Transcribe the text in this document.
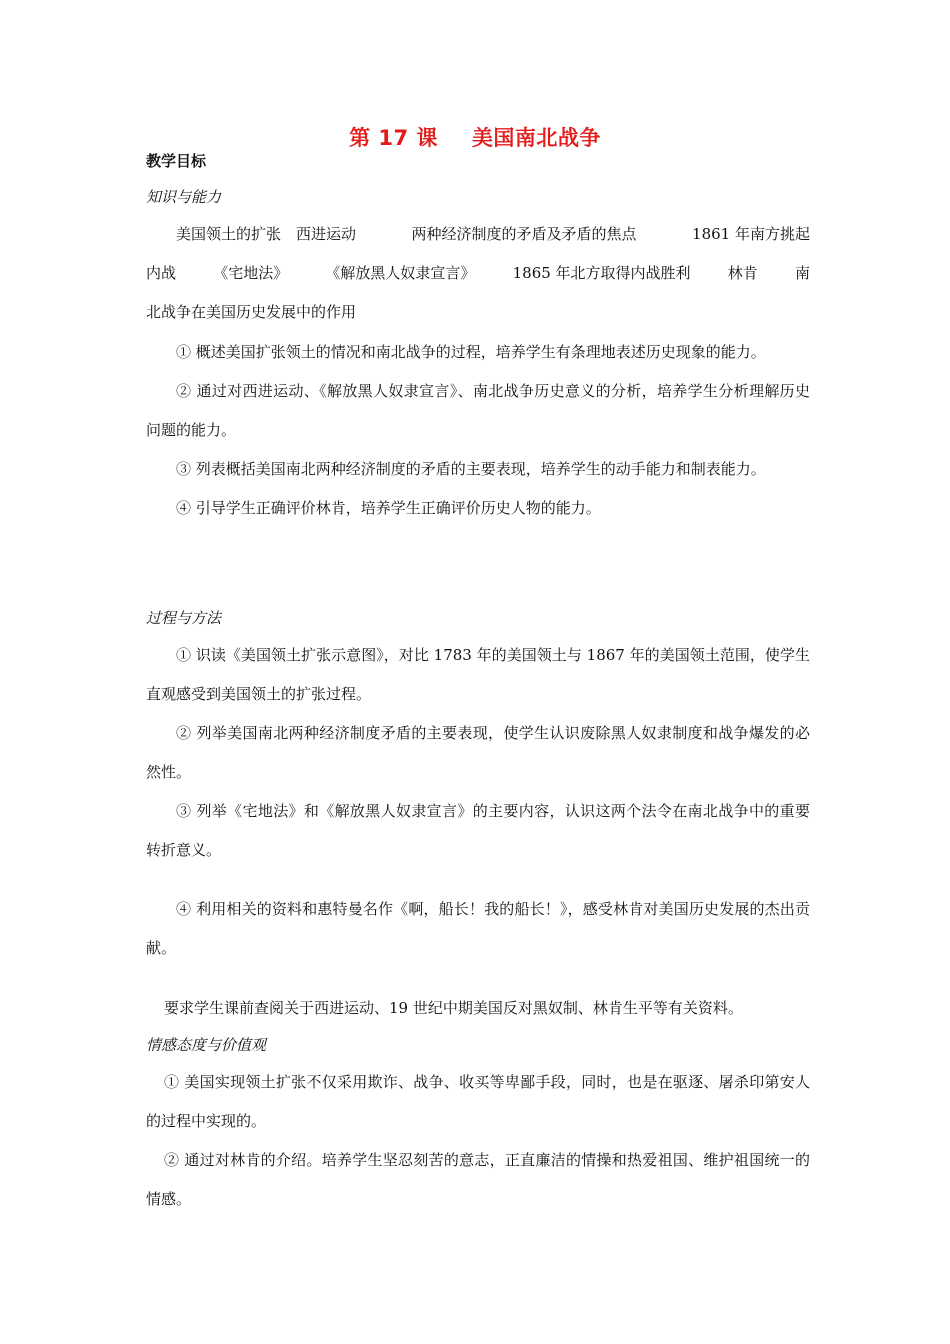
第 17 课 美国南北战争
教学目标
知识与能力
美国领土的扩张　西进运动	两种经济制度的矛盾及矛盾的焦点	1861 年南方挑起
内战 《宅地法》 《解放黑人奴隶宣言》 1865 年北方取得内战胜利 林肯 南
北战争在美国历史发展中的作用

① 概述美国扩张领土的情况和南北战争的过程，培养学生有条理地表述历史现象的能力。

② 通过对西进运动、《解放黑人奴隶宣言》、南北战争历史意义的分析，培养学生分析理解历史问题的能力。

③ 列表概括美国南北两种经济制度的矛盾的主要表现，培养学生的动手能力和制表能力。

④ 引导学生正确评价林肯，培养学生正确评价历史人物的能力。

过程与方法

① 识读《美国领土扩张示意图》，对比 1783 年的美国领土与 1867 年的美国领土范围，使学生直观感受到美国领土的扩张过程。

② 列举美国南北两种经济制度矛盾的主要表现，使学生认识废除黑人奴隶制度和战争爆发的必然性。

③ 列举《宅地法》和《解放黑人奴隶宣言》的主要内容，认识这两个法令在南北战争中的重要转折意义。

④ 利用相关的资料和惠特曼名作《啊，船长！我的船长！》，感受林肯对美国历史发展的杰出贡献。

要求学生课前查阅关于西进运动、19 世纪中期美国反对黑奴制、林肯生平等有关资料。

情感态度与价值观

① 美国实现领土扩张不仅采用欺诈、战争、收买等卑鄙手段，同时，也是在驱逐、屠杀印第安人的过程中实现的。

② 通过对林肯的介绍。培养学生坚忍刻苦的意志，正直廉洁的情操和热爱祖国、维护祖国统一的情感。
